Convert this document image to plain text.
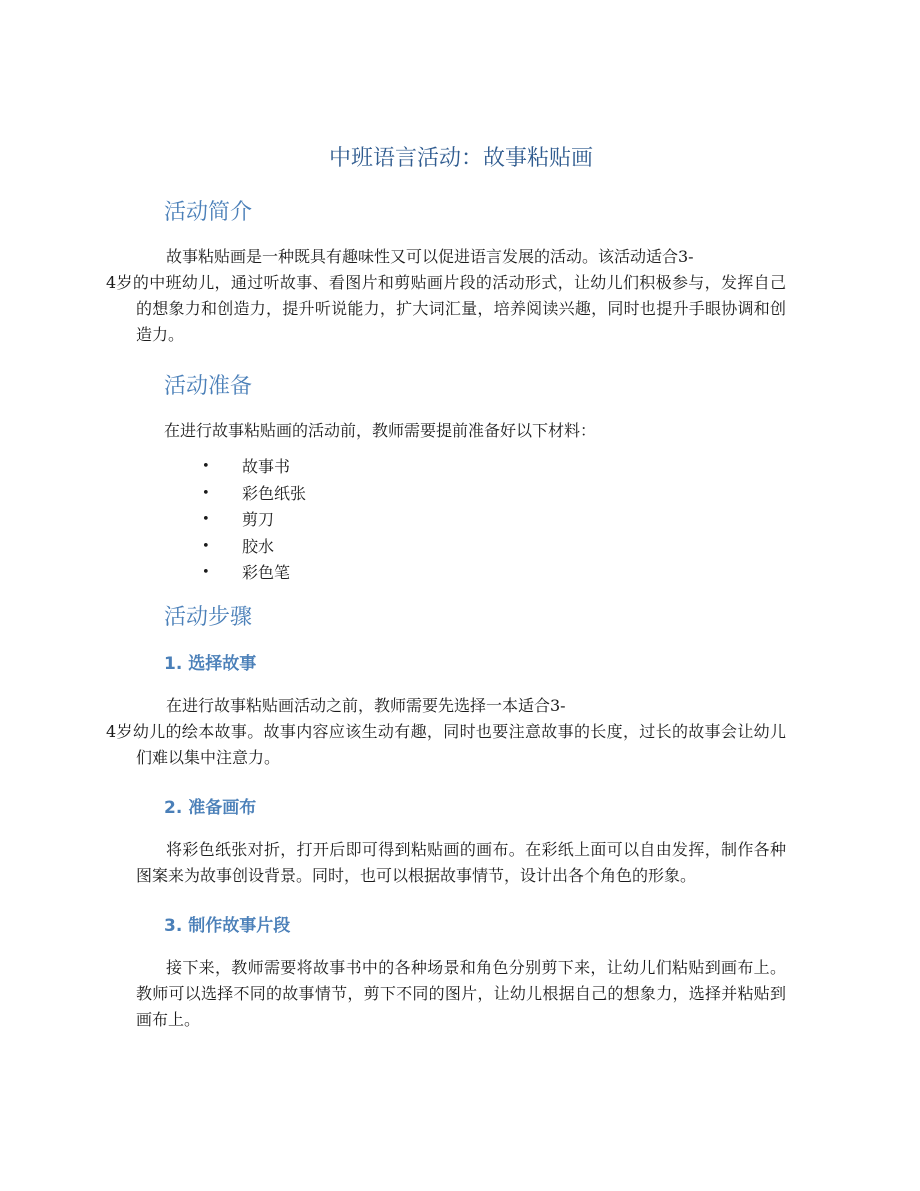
中班语言活动：故事粘贴画
活动简介

故事粘贴画是一种既具有趣味性又可以促进语言发展的活动。该活动适合3-
4岁的中班幼儿，通过听故事、看图片和剪贴画片段的活动形式，让幼儿们积极参与，发挥自己的想象力和创造力，提升听说能力，扩大词汇量，培养阅读兴趣，同时也提升手眼协调和创造力。

活动准备

在进行故事粘贴画的活动前，教师需要提前准备好以下材料：

• 故事书
• 彩色纸张
• 剪刀
• 胶水
• 彩色笔
活动步骤
1. 选择故事

在进行故事粘贴画活动之前，教师需要先选择一本适合3-
4岁幼儿的绘本故事。故事内容应该生动有趣，同时也要注意故事的长度，过长的故事会让幼儿们难以集中注意力。

2. 准备画布

将彩色纸张对折，打开后即可得到粘贴画的画布。在彩纸上面可以自由发挥，制作各种图案来为故事创设背景。同时，也可以根据故事情节，设计出各个角色的形象。

3. 制作故事片段

接下来，教师需要将故事书中的各种场景和角色分别剪下来，让幼儿们粘贴到画布上。教师可以选择不同的故事情节，剪下不同的图片，让幼儿根据自己的想象力，选择并粘贴到画布上。
